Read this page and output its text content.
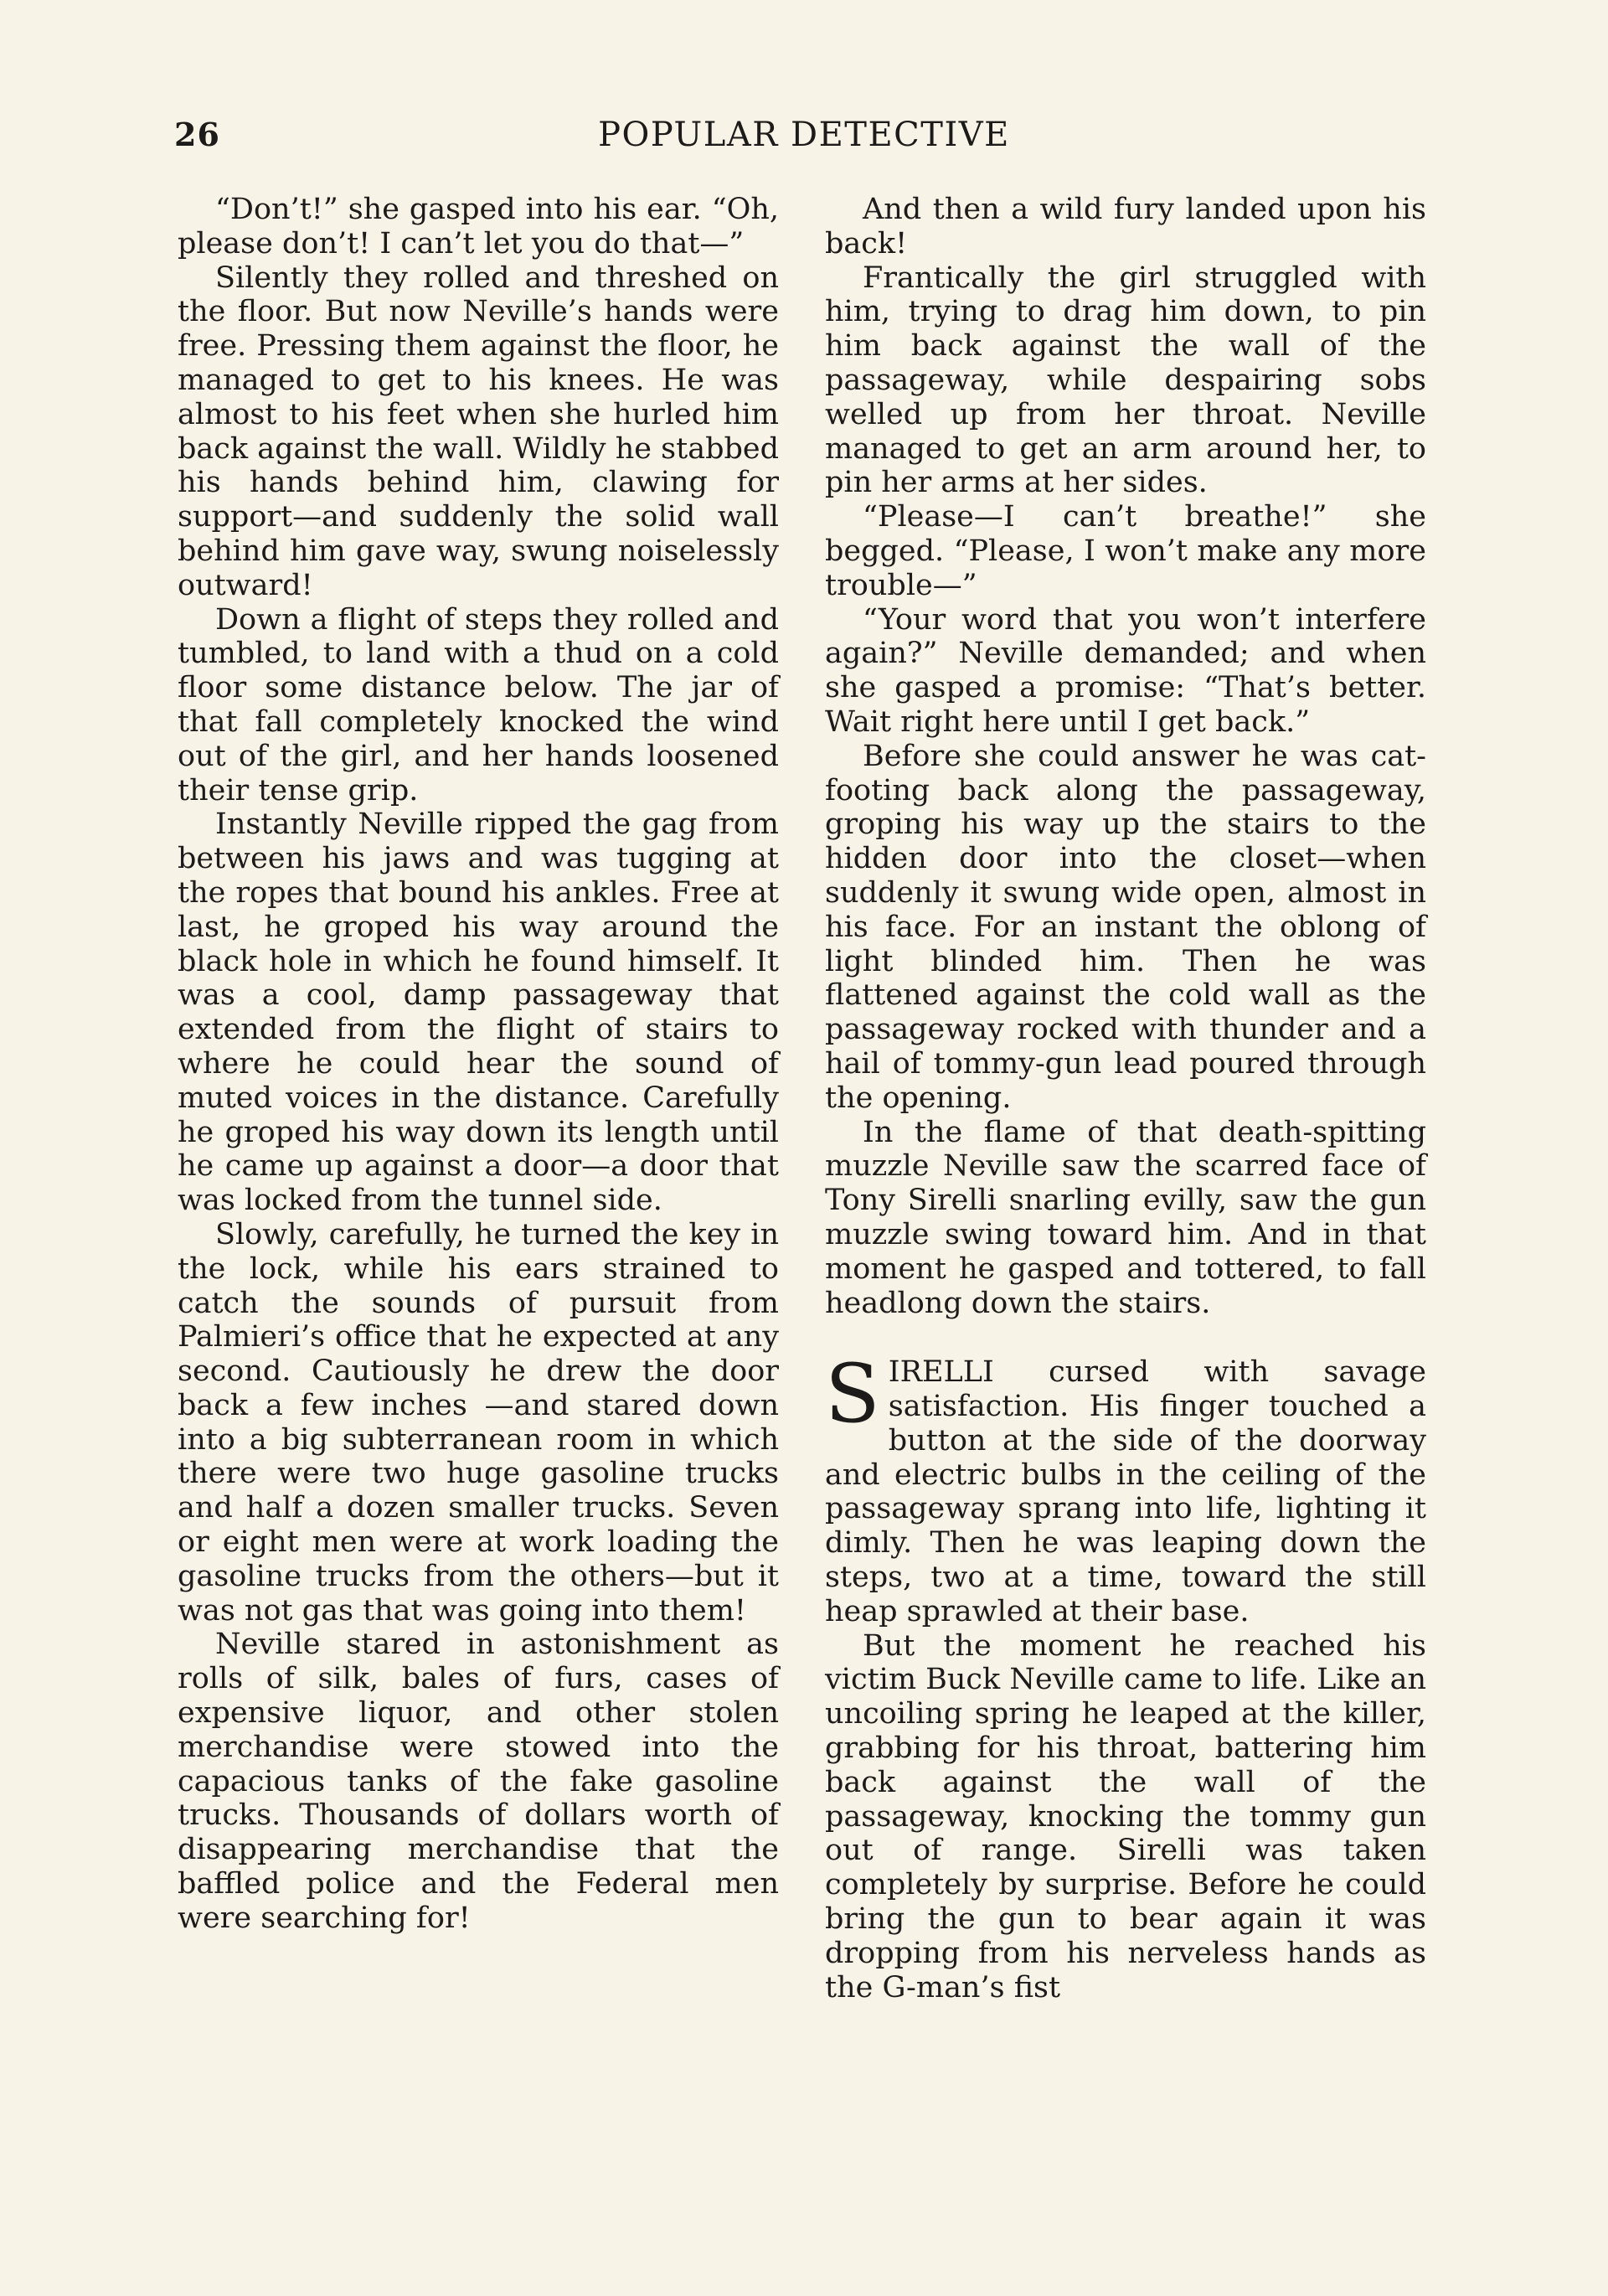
26	POPULAR DETECTIVE

“Don’t!” she gasped into his ear. “Oh, please don’t! I can’t let you do that—”

Silently they rolled and threshed on the floor. But now Neville’s hands were free. Pressing them against the floor, he managed to get to his knees. He was almost to his feet when she hurled him back against the wall. Wildly he stabbed his hands behind him, clawing for support—and suddenly the solid wall behind him gave way, swung noiselessly outward!

Down a flight of steps they rolled and tumbled, to land with a thud on a cold floor some distance below. The jar of that fall completely knocked the wind out of the girl, and her hands loosened their tense grip.

Instantly Neville ripped the gag from between his jaws and was tugging at the ropes that bound his ankles. Free at last, he groped his way around the black hole in which he found himself. It was a cool, damp passageway that extended from the flight of stairs to where he could hear the sound of muted voices in the distance. Carefully he groped his way down its length until he came up against a door—a door that was locked from the tunnel side.

Slowly, carefully, he turned the key in the lock, while his ears strained to catch the sounds of pursuit from Palmieri’s office that he expected at any second. Cautiously he drew the door back a few inches —and stared down into a big subterranean room in which there were two huge gasoline trucks and half a dozen smaller trucks. Seven or eight men were at work loading the gasoline trucks from the others—but it was not gas that was going into them!

Neville stared in astonishment as rolls of silk, bales of furs, cases of expensive liquor, and other stolen merchandise were stowed into the capacious tanks of the fake gasoline trucks. Thousands of dollars worth of disappearing merchandise that the baffled police and the Federal men were searching for!

And then a wild fury landed upon his back!

Frantically the girl struggled with him, trying to drag him down, to pin him back against the wall of the passageway, while despairing sobs welled up from her throat. Neville managed to get an arm around her, to pin her arms at her sides.

“Please—I can’t breathe!” she begged. “Please, I won’t make any more trouble—”

“Your word that you won’t interfere again?” Neville demanded; and when she gasped a promise: “That’s better. Wait right here until I get back.”

Before she could answer he was cat-footing back along the passageway, groping his way up the stairs to the hidden door into the closet—when suddenly it swung wide open, almost in his face. For an instant the oblong of light blinded him. Then he was flattened against the cold wall as the passageway rocked with thunder and a hail of tommy-gun lead poured through the opening.

In the flame of that death-spitting muzzle Neville saw the scarred face of Tony Sirelli snarling evilly, saw the gun muzzle swing toward him. And in that moment he gasped and tottered, to fall headlong down the stairs.

SIRELLI cursed with savage satisfaction. His finger touched a button at the side of the doorway and electric bulbs in the ceiling of the passageway sprang into life, lighting it dimly. Then he was leaping down the steps, two at a time, toward the still heap sprawled at their base.

But the moment he reached his victim Buck Neville came to life. Like an uncoiling spring he leaped at the killer, grabbing for his throat, battering him back against the wall of the passageway, knocking the tommy gun out of range. Sirelli was taken completely by surprise. Before he could bring the gun to bear again it was dropping from his nerveless hands as the G-man’s fist
